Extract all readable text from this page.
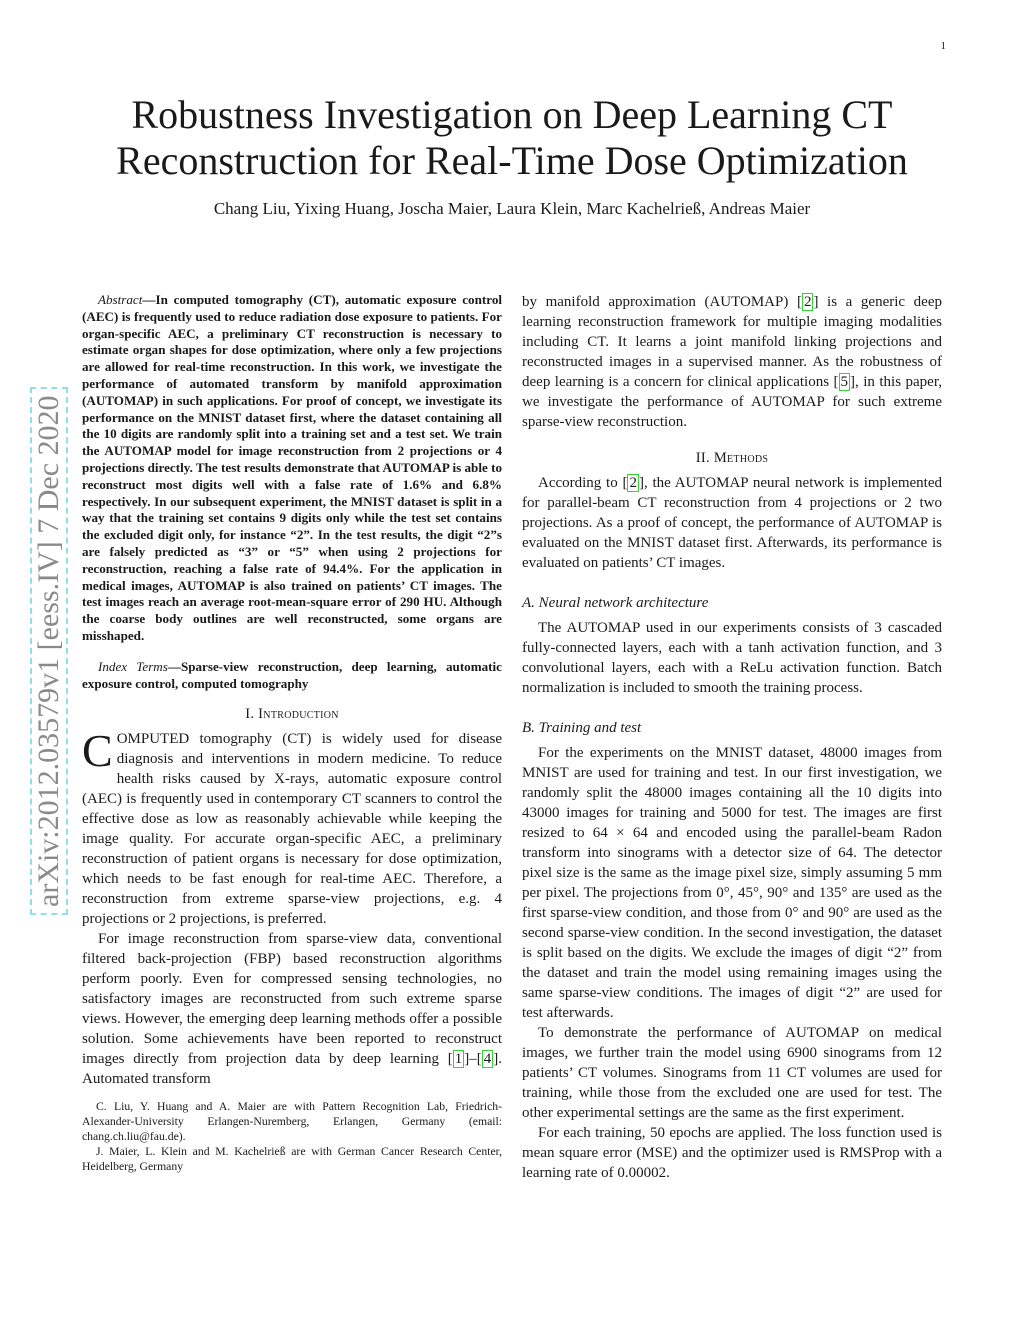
1
Robustness Investigation on Deep Learning CT
Reconstruction for Real-Time Dose Optimization
Chang Liu, Yixing Huang, Joscha Maier, Laura Klein, Marc Kachelrieß, Andreas Maier
arXiv:2012.03579v1 [eess.IV] 7 Dec 2020

Abstract—In computed tomography (CT), automatic exposure control (AEC) is frequently used to reduce radiation dose exposure to patients. For organ-specific AEC, a preliminary CT reconstruction is necessary to estimate organ shapes for dose optimization, where only a few projections are allowed for real-time reconstruction. In this work, we investigate the performance of automated transform by manifold approximation (AUTOMAP) in such applications. For proof of concept, we investigate its performance on the MNIST dataset first, where the dataset containing all the 10 digits are randomly split into a training set and a test set. We train the AUTOMAP model for image reconstruction from 2 projections or 4 projections directly. The test results demonstrate that AUTOMAP is able to reconstruct most digits well with a false rate of 1.6% and 6.8% respectively. In our subsequent experiment, the MNIST dataset is split in a way that the training set contains 9 digits only while the test set contains the excluded digit only, for instance “2”. In the test results, the digit “2”s are falsely predicted as “3” or “5” when using 2 projections for reconstruction, reaching a false rate of 94.4%. For the application in medical images, AUTOMAP is also trained on patients’ CT images. The test images reach an average root-mean-square error of 290 HU. Although the coarse body outlines are well reconstructed, some organs are misshaped.

Index Terms—Sparse-view reconstruction, deep learning, automatic exposure control, computed tomography

I. Introduction

COMPUTED tomography (CT) is widely used for disease diagnosis and interventions in modern medicine. To reduce health risks caused by X-rays, automatic exposure control (AEC) is frequently used in contemporary CT scanners to control the effective dose as low as reasonably achievable while keeping the image quality. For accurate organ-specific AEC, a preliminary reconstruction of patient organs is necessary for dose optimization, which needs to be fast enough for real-time AEC. Therefore, a reconstruction from extreme sparse-view projections, e.g. 4 projections or 2 projections, is preferred.

For image reconstruction from sparse-view data, conventional filtered back-projection (FBP) based reconstruction algorithms perform poorly. Even for compressed sensing technologies, no satisfactory images are reconstructed from such extreme sparse views. However, the emerging deep learning methods offer a possible solution. Some achievements have been reported to reconstruct images directly from projection data by deep learning [ 1 ]–[ 4 ]. Automated transform

C. Liu, Y. Huang and A. Maier are with Pattern Recognition Lab, Friedrich-Alexander-University Erlangen-Nuremberg, Erlangen, Germany (email: chang.ch.liu@fau.de).

J. Maier, L. Klein and M. Kachelrieß are with German Cancer Research Center, Heidelberg, Germany

by manifold approximation (AUTOMAP) [ 2 ] is a generic deep learning reconstruction framework for multiple imaging modalities including CT. It learns a joint manifold linking projections and reconstructed images in a supervised manner. As the robustness of deep learning is a concern for clinical applications [ 5 ], in this paper, we investigate the performance of AUTOMAP for such extreme sparse-view reconstruction.

II. Methods

According to [ 2 ], the AUTOMAP neural network is implemented for parallel-beam CT reconstruction from 4 projections or 2 two projections. As a proof of concept, the performance of AUTOMAP is evaluated on the MNIST dataset first. Afterwards, its performance is evaluated on patients’ CT images.

A. Neural network architecture

The AUTOMAP used in our experiments consists of 3 cascaded fully-connected layers, each with a tanh activation function, and 3 convolutional layers, each with a ReLu activation function. Batch normalization is included to smooth the training process.

B. Training and test

For the experiments on the MNIST dataset, 48000 images from MNIST are used for training and test. In our first investigation, we randomly split the 48000 images containing all the 10 digits into 43000 images for training and 5000 for test. The images are first resized to 64 × 64 and encoded using the parallel-beam Radon transform into sinograms with a detector size of 64. The detector pixel size is the same as the image pixel size, simply assuming 5 mm per pixel. The projections from 0°, 45°, 90° and 135° are used as the first sparse-view condition, and those from 0° and 90° are used as the second sparse-view condition. In the second investigation, the dataset is split based on the digits. We exclude the images of digit “2” from the dataset and train the model using remaining images using the same sparse-view conditions. The images of digit “2” are used for test afterwards.

To demonstrate the performance of AUTOMAP on medical images, we further train the model using 6900 sinograms from 12 patients’ CT volumes. Sinograms from 11 CT volumes are used for training, while those from the excluded one are used for test. The other experimental settings are the same as the first experiment.

For each training, 50 epochs are applied. The loss function used is mean square error (MSE) and the optimizer used is RMSProp with a learning rate of 0.00002.
